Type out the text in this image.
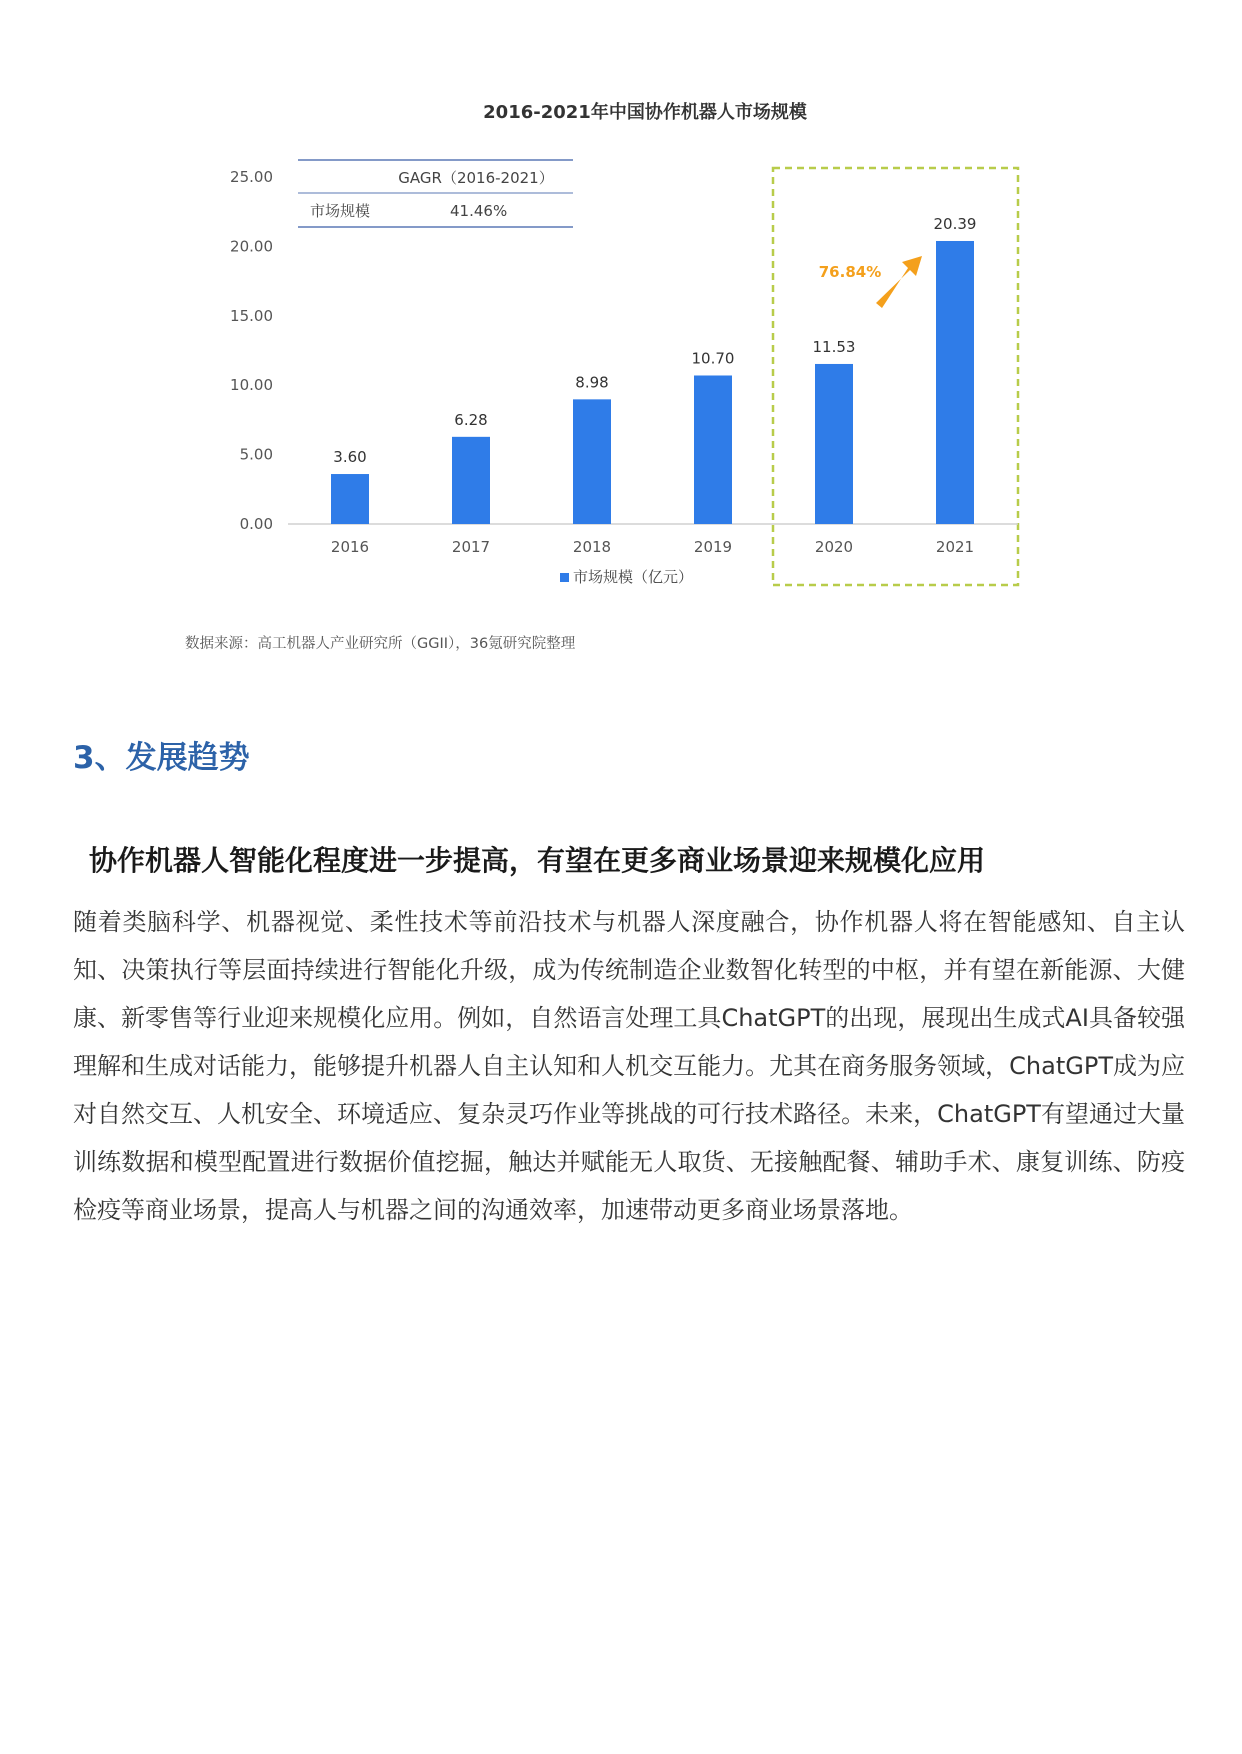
2016-2021年中国协作机器人市场规模
GAGR（2016-2021）
市场规模	41.46%
76.84%
0.00
5.00
10.00
15.00
20.00
25.00
3.60
2016
6.28
2017
8.98
2018
10.70
2019
11.53
2020
20.39
2021
市场规模（亿元）
数据来源：高工机器人产业研究所（GGII），36氪研究院整理
3、发展趋势
协作机器人智能化程度进一步提高，有望在更多商业场景迎来规模化应用

随着类脑科学、机器视觉、柔性技术等前沿技术与机器人深度融合，协作机器人将在智能感知、自主认知、决策执行等层面持续进行智能化升级，成为传统制造企业数智化转型的中枢，并有望在新能源、大健康、新零售等行业迎来规模化应用。例如，自然语言处理工具ChatGPT的出现，展现出生成式AI具备较强理解和生成对话能力，能够提升机器人自主认知和人机交互能力。尤其在商务服务领域，ChatGPT成为应对自然交互、人机安全、环境适应、复杂灵巧作业等挑战的可行技术路径。未来，ChatGPT有望通过大量训练数据和模型配置进行数据价值挖掘，触达并赋能无人取货、无接触配餐、辅助手术、康复训练、防疫检疫等商业场景，提高人与机器之间的沟通效率，加速带动更多商业场景落地。
